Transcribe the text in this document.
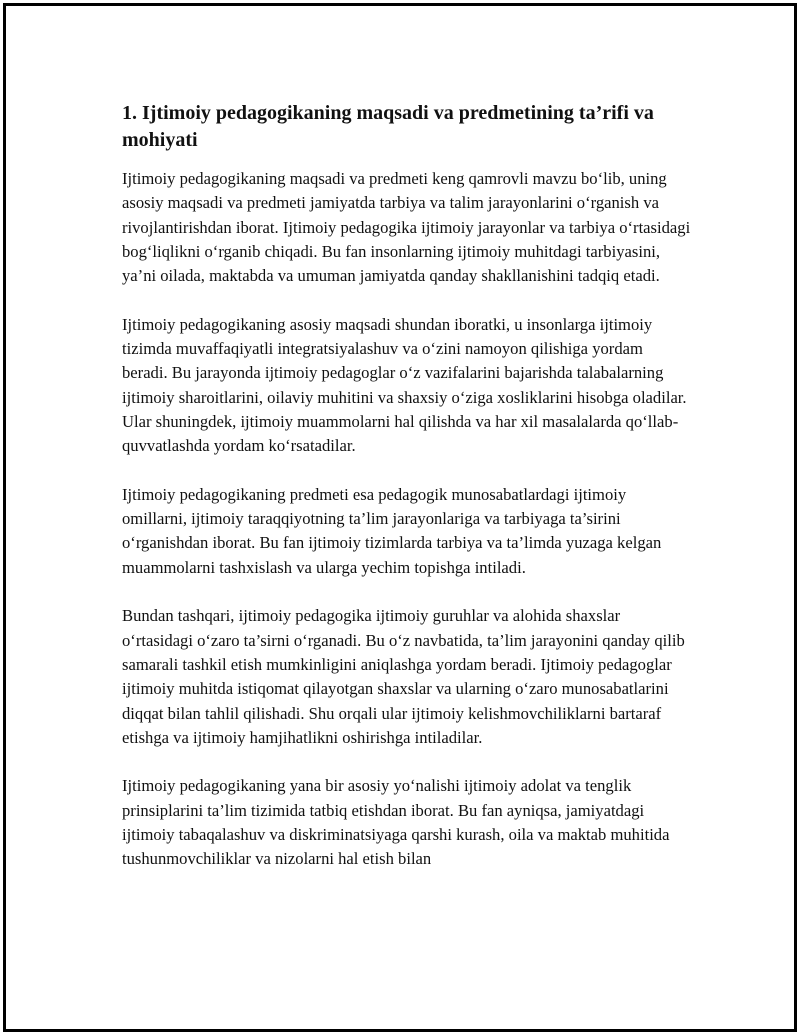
1. Ijtimoiy pedagogikaning maqsadi va predmetining ta’rifi va mohiyati

Ijtimoiy pedagogikaning maqsadi va predmeti keng qamrovli mavzu bo‘lib, uning asosiy maqsadi va predmeti jamiyatda tarbiya va talim jarayonlarini o‘rganish va rivojlantirishdan iborat. Ijtimoiy pedagogika ijtimoiy jarayonlar va tarbiya o‘rtasidagi bog‘liqlikni o‘rganib chiqadi. Bu fan insonlarning ijtimoiy muhitdagi tarbiyasini, ya’ni oilada, maktabda va umuman jamiyatda qanday shakllanishini tadqiq etadi.

Ijtimoiy pedagogikaning asosiy maqsadi shundan iboratki, u insonlarga ijtimoiy tizimda muvaffaqiyatli integratsiyalashuv va o‘zini namoyon qilishiga yordam beradi. Bu jarayonda ijtimoiy pedagoglar o‘z vazifalarini bajarishda talabalarning ijtimoiy sharoitlarini, oilaviy muhitini va shaxsiy o‘ziga xosliklarini hisobga oladilar. Ular shuningdek, ijtimoiy muammolarni hal qilishda va har xil masalalarda qo‘llab-quvvatlashda yordam ko‘rsatadilar.

Ijtimoiy pedagogikaning predmeti esa pedagogik munosabatlardagi ijtimoiy omillarni, ijtimoiy taraqqiyotning ta’lim jarayonlariga va tarbiyaga ta’sirini o‘rganishdan iborat. Bu fan ijtimoiy tizimlarda tarbiya va ta’limda yuzaga kelgan muammolarni tashxislash va ularga yechim topishga intiladi.

Bundan tashqari, ijtimoiy pedagogika ijtimoiy guruhlar va alohida shaxslar o‘rtasidagi o‘zaro ta’sirni o‘rganadi. Bu o‘z navbatida, ta’lim jarayonini qanday qilib samarali tashkil etish mumkinligini aniqlashga yordam beradi. Ijtimoiy pedagoglar ijtimoiy muhitda istiqomat qilayotgan shaxslar va ularning o‘zaro munosabatlarini diqqat bilan tahlil qilishadi. Shu orqali ular ijtimoiy kelishmovchiliklarni bartaraf etishga va ijtimoiy hamjihatlikni oshirishga intiladilar.

Ijtimoiy pedagogikaning yana bir asosiy yo‘nalishi ijtimoiy adolat va tenglik prinsiplarini ta’lim tizimida tatbiq etishdan iborat. Bu fan ayniqsa, jamiyatdagi ijtimoiy tabaqalashuv va diskriminatsiyaga qarshi kurash, oila va maktab muhitida tushunmovchiliklar va nizolarni hal etish bilan
